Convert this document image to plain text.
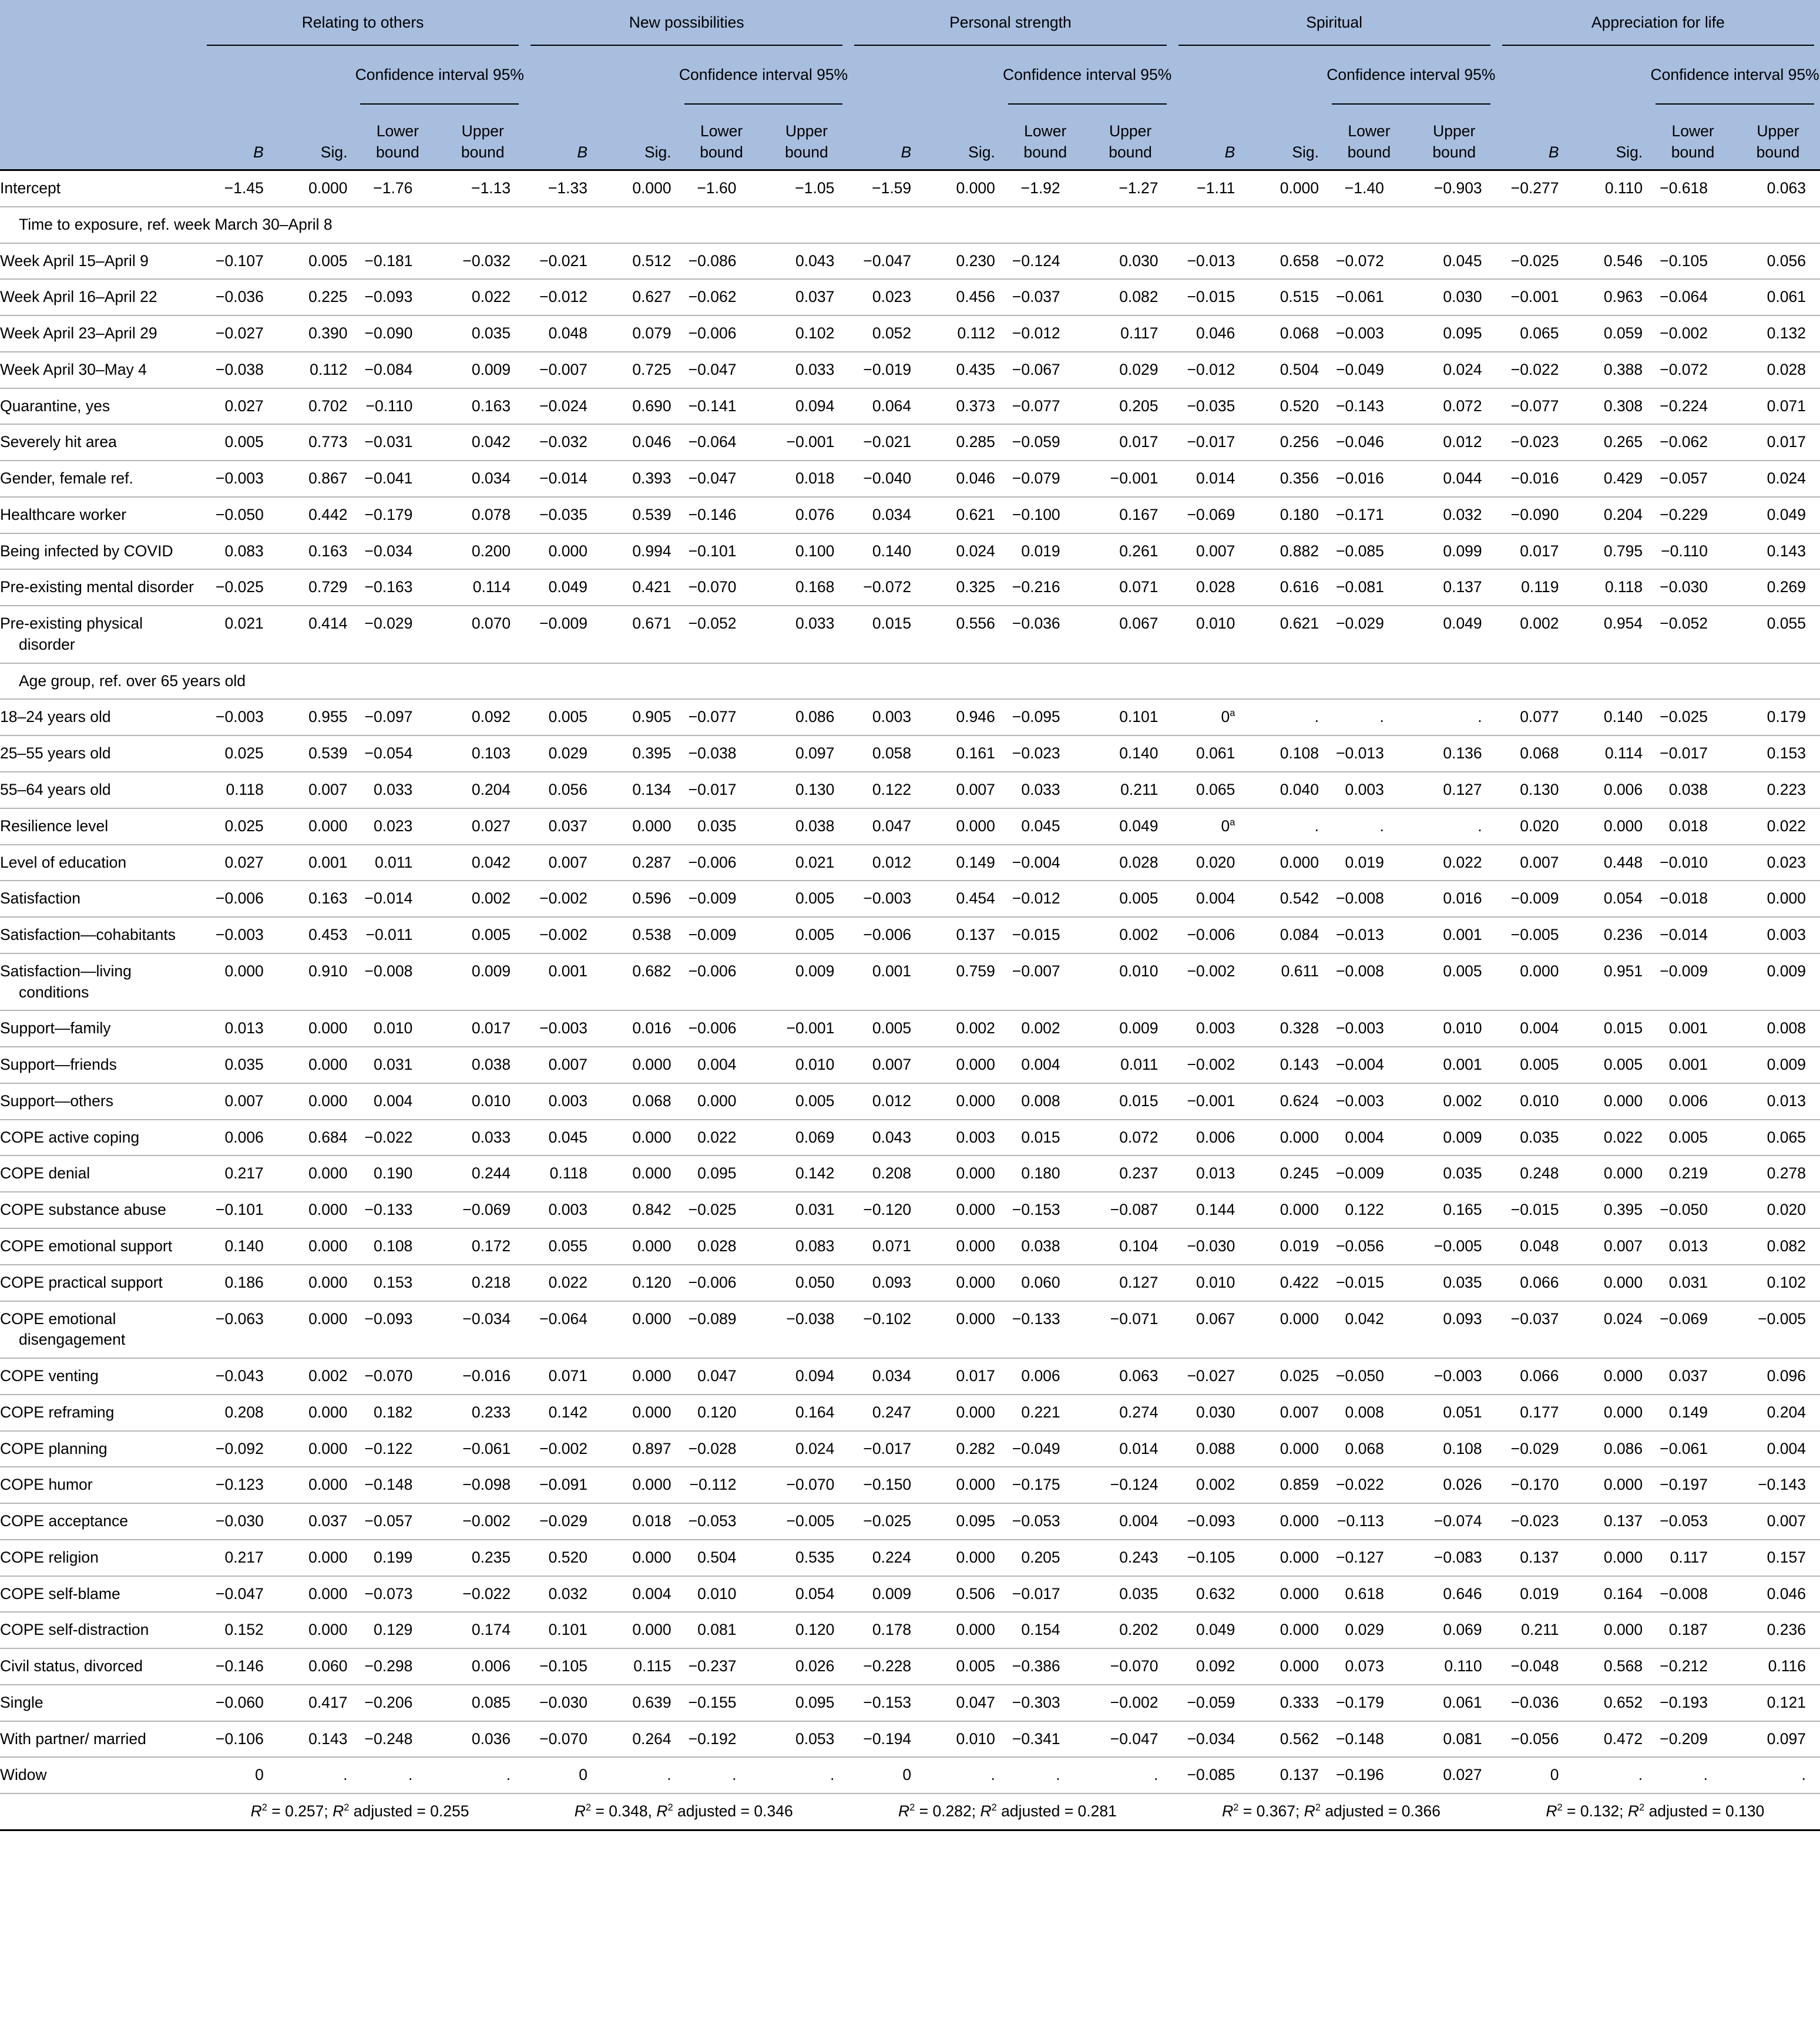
	Relating to others				New possibilities				Personal strength				Spiritual				Appreciation for life			
			Confidence interval 95%				Confidence interval 95%				Confidence interval 95%				Confidence interval 95%				Confidence interval 95%	
	B	Sig.	Lower bound	Upper bound	B	Sig.	Lower bound	Upper bound	B	Sig.	Lower bound	Upper bound	B	Sig.	Lower bound	Upper bound	B	Sig.	Lower bound	Upper bound

Intercept	−1.45	0.000	−1.76	−1.13	−1.33	0.000	−1.60	−1.05	−1.59	0.000	−1.92	−1.27	−1.11	0.000	−1.40	−0.903	−0.277	0.110	−0.618	0.063
Time to exposure, ref. week March 30–April 8																				

Week April 15–April 9	−0.107	0.005	−0.181	−0.032	−0.021	0.512	−0.086	0.043	−0.047	0.230	−0.124	0.030	−0.013	0.658	−0.072	0.045	−0.025	0.546	−0.105	0.056

Week April 16–April 22	−0.036	0.225	−0.093	0.022	−0.012	0.627	−0.062	0.037	0.023	0.456	−0.037	0.082	−0.015	0.515	−0.061	0.030	−0.001	0.963	−0.064	0.061

Week April 23–April 29	−0.027	0.390	−0.090	0.035	0.048	0.079	−0.006	0.102	0.052	0.112	−0.012	0.117	0.046	0.068	−0.003	0.095	0.065	0.059	−0.002	0.132

Week April 30–May 4	−0.038	0.112	−0.084	0.009	−0.007	0.725	−0.047	0.033	−0.019	0.435	−0.067	0.029	−0.012	0.504	−0.049	0.024	−0.022	0.388	−0.072	0.028

Quarantine, yes	0.027	0.702	−0.110	0.163	−0.024	0.690	−0.141	0.094	0.064	0.373	−0.077	0.205	−0.035	0.520	−0.143	0.072	−0.077	0.308	−0.224	0.071

Severely hit area	0.005	0.773	−0.031	0.042	−0.032	0.046	−0.064	−0.001	−0.021	0.285	−0.059	0.017	−0.017	0.256	−0.046	0.012	−0.023	0.265	−0.062	0.017

Gender, female ref.	−0.003	0.867	−0.041	0.034	−0.014	0.393	−0.047	0.018	−0.040	0.046	−0.079	−0.001	0.014	0.356	−0.016	0.044	−0.016	0.429	−0.057	0.024

Healthcare worker	−0.050	0.442	−0.179	0.078	−0.035	0.539	−0.146	0.076	0.034	0.621	−0.100	0.167	−0.069	0.180	−0.171	0.032	−0.090	0.204	−0.229	0.049

Being infected by COVID	0.083	0.163	−0.034	0.200	0.000	0.994	−0.101	0.100	0.140	0.024	0.019	0.261	0.007	0.882	−0.085	0.099	0.017	0.795	−0.110	0.143

Pre-existing mental disorder	−0.025	0.729	−0.163	0.114	0.049	0.421	−0.070	0.168	−0.072	0.325	−0.216	0.071	0.028	0.616	−0.081	0.137	0.119	0.118	−0.030	0.269

Pre-existing physical disorder	0.021	0.414	−0.029	0.070	−0.009	0.671	−0.052	0.033	0.015	0.556	−0.036	0.067	0.010	0.621	−0.029	0.049	0.002	0.954	−0.052	0.055
Age group, ref. over 65 years old																				

18–24 years old	−0.003	0.955	−0.097	0.092	0.005	0.905	−0.077	0.086	0.003	0.946	−0.095	0.101	0$^a$	.	.	.	0.077	0.140	−0.025	0.179

25–55 years old	0.025	0.539	−0.054	0.103	0.029	0.395	−0.038	0.097	0.058	0.161	−0.023	0.140	0.061	0.108	−0.013	0.136	0.068	0.114	−0.017	0.153

55–64 years old	0.118	0.007	0.033	0.204	0.056	0.134	−0.017	0.130	0.122	0.007	0.033	0.211	0.065	0.040	0.003	0.127	0.130	0.006	0.038	0.223

Resilience level	0.025	0.000	0.023	0.027	0.037	0.000	0.035	0.038	0.047	0.000	0.045	0.049	0$^a$	.	.	.	0.020	0.000	0.018	0.022

Level of education	0.027	0.001	0.011	0.042	0.007	0.287	−0.006	0.021	0.012	0.149	−0.004	0.028	0.020	0.000	0.019	0.022	0.007	0.448	−0.010	0.023

Satisfaction	−0.006	0.163	−0.014	0.002	−0.002	0.596	−0.009	0.005	−0.003	0.454	−0.012	0.005	0.004	0.542	−0.008	0.016	−0.009	0.054	−0.018	0.000

Satisfaction—cohabitants	−0.003	0.453	−0.011	0.005	−0.002	0.538	−0.009	0.005	−0.006	0.137	−0.015	0.002	−0.006	0.084	−0.013	0.001	−0.005	0.236	−0.014	0.003

Satisfaction—living conditions	0.000	0.910	−0.008	0.009	0.001	0.682	−0.006	0.009	0.001	0.759	−0.007	0.010	−0.002	0.611	−0.008	0.005	0.000	0.951	−0.009	0.009

Support—family	0.013	0.000	0.010	0.017	−0.003	0.016	−0.006	−0.001	0.005	0.002	0.002	0.009	0.003	0.328	−0.003	0.010	0.004	0.015	0.001	0.008

Support—friends	0.035	0.000	0.031	0.038	0.007	0.000	0.004	0.010	0.007	0.000	0.004	0.011	−0.002	0.143	−0.004	0.001	0.005	0.005	0.001	0.009

Support—others	0.007	0.000	0.004	0.010	0.003	0.068	0.000	0.005	0.012	0.000	0.008	0.015	−0.001	0.624	−0.003	0.002	0.010	0.000	0.006	0.013

COPE active coping	0.006	0.684	−0.022	0.033	0.045	0.000	0.022	0.069	0.043	0.003	0.015	0.072	0.006	0.000	0.004	0.009	0.035	0.022	0.005	0.065

COPE denial	0.217	0.000	0.190	0.244	0.118	0.000	0.095	0.142	0.208	0.000	0.180	0.237	0.013	0.245	−0.009	0.035	0.248	0.000	0.219	0.278

COPE substance abuse	−0.101	0.000	−0.133	−0.069	0.003	0.842	−0.025	0.031	−0.120	0.000	−0.153	−0.087	0.144	0.000	0.122	0.165	−0.015	0.395	−0.050	0.020

COPE emotional support	0.140	0.000	0.108	0.172	0.055	0.000	0.028	0.083	0.071	0.000	0.038	0.104	−0.030	0.019	−0.056	−0.005	0.048	0.007	0.013	0.082

COPE practical support	0.186	0.000	0.153	0.218	0.022	0.120	−0.006	0.050	0.093	0.000	0.060	0.127	0.010	0.422	−0.015	0.035	0.066	0.000	0.031	0.102

COPE emotional disengagement	−0.063	0.000	−0.093	−0.034	−0.064	0.000	−0.089	−0.038	−0.102	0.000	−0.133	−0.071	0.067	0.000	0.042	0.093	−0.037	0.024	−0.069	−0.005

COPE venting	−0.043	0.002	−0.070	−0.016	0.071	0.000	0.047	0.094	0.034	0.017	0.006	0.063	−0.027	0.025	−0.050	−0.003	0.066	0.000	0.037	0.096

COPE reframing	0.208	0.000	0.182	0.233	0.142	0.000	0.120	0.164	0.247	0.000	0.221	0.274	0.030	0.007	0.008	0.051	0.177	0.000	0.149	0.204

COPE planning	−0.092	0.000	−0.122	−0.061	−0.002	0.897	−0.028	0.024	−0.017	0.282	−0.049	0.014	0.088	0.000	0.068	0.108	−0.029	0.086	−0.061	0.004

COPE humor	−0.123	0.000	−0.148	−0.098	−0.091	0.000	−0.112	−0.070	−0.150	0.000	−0.175	−0.124	0.002	0.859	−0.022	0.026	−0.170	0.000	−0.197	−0.143

COPE acceptance	−0.030	0.037	−0.057	−0.002	−0.029	0.018	−0.053	−0.005	−0.025	0.095	−0.053	0.004	−0.093	0.000	−0.113	−0.074	−0.023	0.137	−0.053	0.007

COPE religion	0.217	0.000	0.199	0.235	0.520	0.000	0.504	0.535	0.224	0.000	0.205	0.243	−0.105	0.000	−0.127	−0.083	0.137	0.000	0.117	0.157

COPE self-blame	−0.047	0.000	−0.073	−0.022	0.032	0.004	0.010	0.054	0.009	0.506	−0.017	0.035	0.632	0.000	0.618	0.646	0.019	0.164	−0.008	0.046

COPE self-distraction	0.152	0.000	0.129	0.174	0.101	0.000	0.081	0.120	0.178	0.000	0.154	0.202	0.049	0.000	0.029	0.069	0.211	0.000	0.187	0.236

Civil status, divorced	−0.146	0.060	−0.298	0.006	−0.105	0.115	−0.237	0.026	−0.228	0.005	−0.386	−0.070	0.092	0.000	0.073	0.110	−0.048	0.568	−0.212	0.116

Single	−0.060	0.417	−0.206	0.085	−0.030	0.639	−0.155	0.095	−0.153	0.047	−0.303	−0.002	−0.059	0.333	−0.179	0.061	−0.036	0.652	−0.193	0.121

With partner/ married	−0.106	0.143	−0.248	0.036	−0.070	0.264	−0.192	0.053	−0.194	0.010	−0.341	−0.047	−0.034	0.562	−0.148	0.081	−0.056	0.472	−0.209	0.097

Widow	0	.	.	.	0	.	.	.	0	.	.	.	−0.085	0.137	−0.196	0.027	0	.	.	.
	$R^2 = 0.257$; $R^2$ adjusted = 0.255				$R^2 = 0.348$, $R^2$ adjusted = 0.346				$R^2 = 0.282$; $R^2$ adjusted = 0.281				$R^2 = 0.367$; $R^2$ adjusted = 0.366				$R^2 = 0.132$; $R^2$ adjusted = 0.130			
